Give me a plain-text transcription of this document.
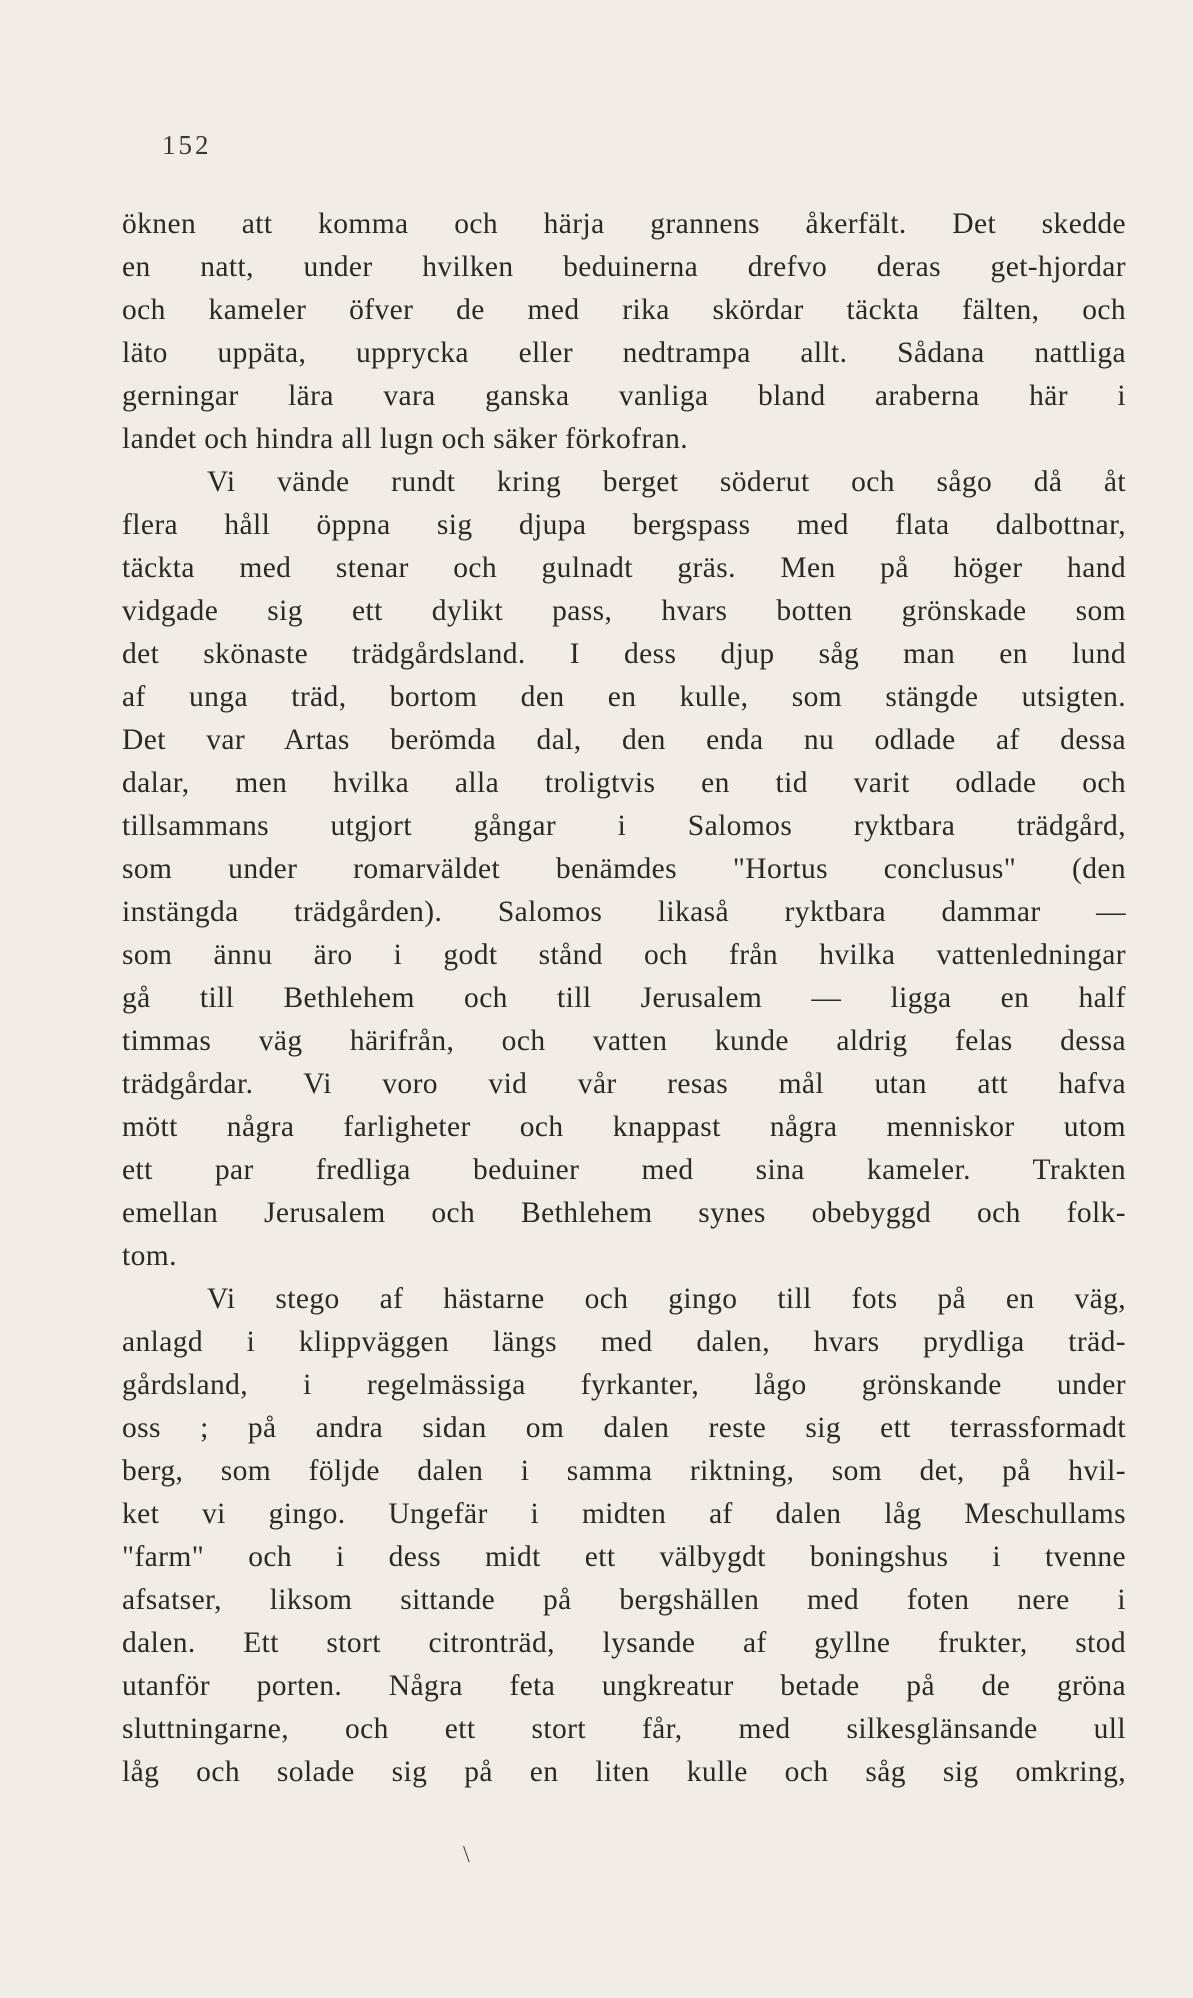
152
öknen att komma och härja grannens åkerfält. Det skedde
en natt, under hvilken beduinerna drefvo deras get-hjordar
och kameler öfver de med rika skördar täckta fälten, och
läto uppäta, upprycka eller nedtrampa allt. Sådana nattliga
gerningar lära vara ganska vanliga bland araberna här i
landet och hindra all lugn och säker förkofran.
Vi vände rundt kring berget söderut och sågo då åt
flera håll öppna sig djupa bergspass med flata dalbottnar,
täckta med stenar och gulnadt gräs. Men på höger hand
vidgade sig ett dylikt pass, hvars botten grönskade som
det skönaste trädgårdsland. I dess djup såg man en lund
af unga träd, bortom den en kulle, som stängde utsigten.
Det var Artas berömda dal, den enda nu odlade af dessa
dalar, men hvilka alla troligtvis en tid varit odlade och
tillsammans utgjort gångar i Salomos ryktbara trädgård,
som under romarväldet benämdes "Hortus conclusus" (den
instängda trädgården). Salomos likaså ryktbara dammar —
som ännu äro i godt stånd och från hvilka vattenledningar
gå till Bethlehem och till Jerusalem — ligga en half
timmas väg härifrån, och vatten kunde aldrig felas dessa
trädgårdar. Vi voro vid vår resas mål utan att hafva
mött några farligheter och knappast några menniskor utom
ett par fredliga beduiner med sina kameler. Trakten
emellan Jerusalem och Bethlehem synes obebyggd och folk-
tom.
Vi stego af hästarne och gingo till fots på en väg,
anlagd i klippväggen längs med dalen, hvars prydliga träd-
gårdsland, i regelmässiga fyrkanter, lågo grönskande under
oss ; på andra sidan om dalen reste sig ett terrassformadt
berg, som följde dalen i samma riktning, som det, på hvil-
ket vi gingo. Ungefär i midten af dalen låg Meschullams
"farm" och i dess midt ett välbygdt boningshus i tvenne
afsatser, liksom sittande på bergshällen med foten nere i
dalen. Ett stort citronträd, lysande af gyllne frukter, stod
utanför porten. Några feta ungkreatur betade på de gröna
sluttningarne, och ett stort får, med silkesglänsande ull
låg och solade sig på en liten kulle och såg sig omkring,
\
